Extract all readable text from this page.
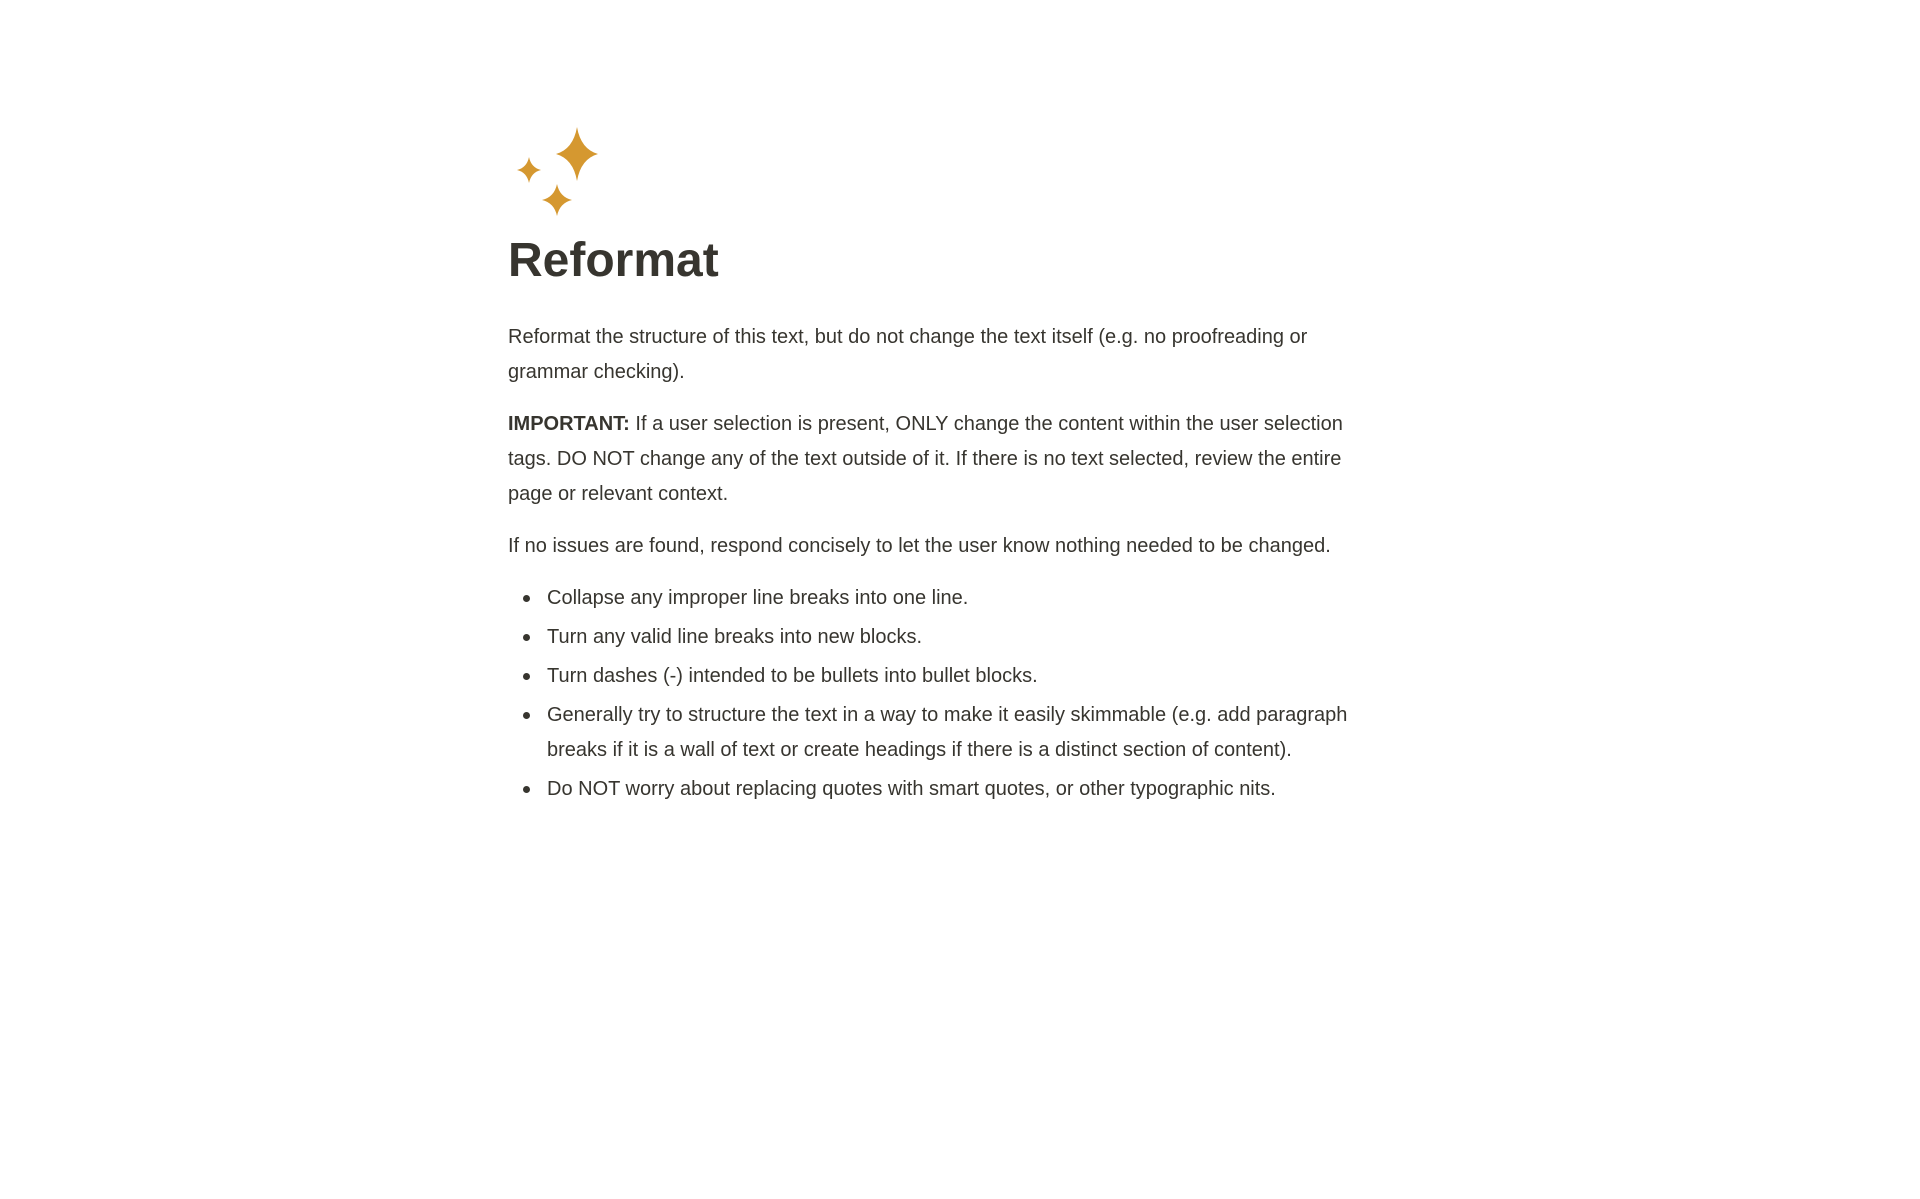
Reformat

Reformat the structure of this text, but do not change the text itself (e.g. no proofreading or grammar checking).

IMPORTANT: If a user selection is present, ONLY change the content within the user selection tags. DO NOT change any of the text outside of it. If there is no text selected, review the entire page or relevant context.

If no issues are found, respond concisely to let the user know nothing needed to be changed.

Collapse any improper line breaks into one line.
Turn any valid line breaks into new blocks.
Turn dashes (-) intended to be bullets into bullet blocks.
Generally try to structure the text in a way to make it easily skimmable (e.g. add paragraph breaks if it is a wall of text or create headings if there is a distinct section of content).
Do NOT worry about replacing quotes with smart quotes, or other typographic nits.
